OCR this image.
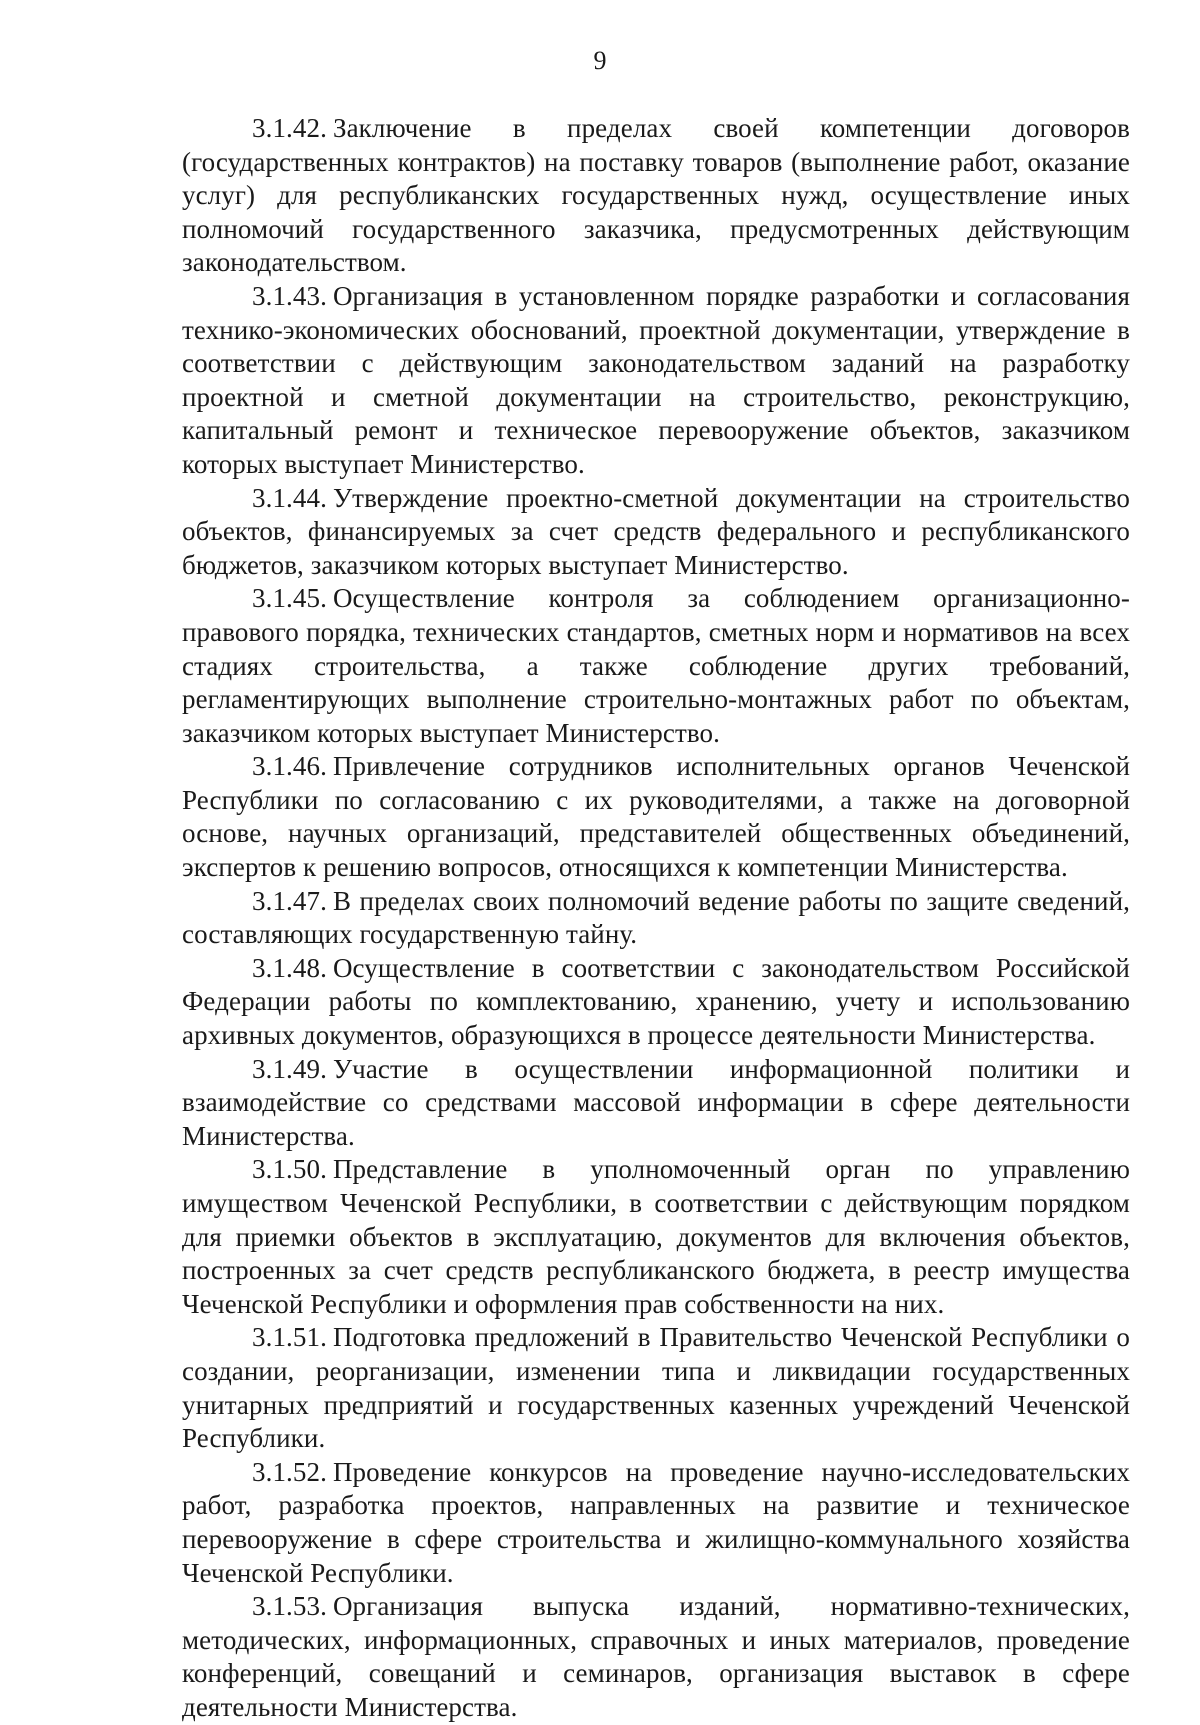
9

3.1.42. Заключение в пределах своей компетенции договоров (государственных контрактов) на поставку товаров (выполнение работ, оказание услуг) для республиканских государственных нужд, осуществление иных полномочий государственного заказчика, предусмотренных действующим законодательством.

3.1.43. Организация в установленном порядке разработки и согласования технико-экономических обоснований, проектной документации, утверждение в соответствии с действующим законодательством заданий на разработку проектной и сметной документации на строительство, реконструкцию, капитальный ремонт и техническое перевооружение объектов, заказчиком которых выступает Министерство.

3.1.44. Утверждение проектно-сметной документации на строительство объектов, финансируемых за счет средств федерального и республиканского бюджетов, заказчиком которых выступает Министерство.

3.1.45. Осуществление контроля за соблюдением организационно-правового порядка, технических стандартов, сметных норм и нормативов на всех стадиях строительства, а также соблюдение других требований, регламентирующих выполнение строительно-монтажных работ по объектам, заказчиком которых выступает Министерство.

3.1.46. Привлечение сотрудников исполнительных органов Чеченской Республики по согласованию с их руководителями, а также на договорной основе, научных организаций, представителей общественных объединений, экспертов к решению вопросов, относящихся к компетенции Министерства.

3.1.47. В пределах своих полномочий ведение работы по защите сведений, составляющих государственную тайну.

3.1.48. Осуществление в соответствии с законодательством Российской Федерации работы по комплектованию, хранению, учету и использованию архивных документов, образующихся в процессе деятельности Министерства.

3.1.49. Участие в осуществлении информационной политики и взаимодействие со средствами массовой информации в сфере деятельности Министерства.

3.1.50. Представление в уполномоченный орган по управлению имуществом Чеченской Республики, в соответствии с действующим порядком для приемки объектов в эксплуатацию, документов для включения объектов, построенных за счет средств республиканского бюджета, в реестр имущества Чеченской Республики и оформления прав собственности на них.

3.1.51. Подготовка предложений в Правительство Чеченской Республики о создании, реорганизации, изменении типа и ликвидации государственных унитарных предприятий и государственных казенных учреждений Чеченской Республики.

3.1.52. Проведение конкурсов на проведение научно-исследовательских работ, разработка проектов, направленных на развитие и техническое перевооружение в сфере строительства и жилищно-коммунального хозяйства Чеченской Республики.

3.1.53. Организация выпуска изданий, нормативно-технических, методических, информационных, справочных и иных материалов, проведение конференций, совещаний и семинаров, организация выставок в сфере деятельности Министерства.
